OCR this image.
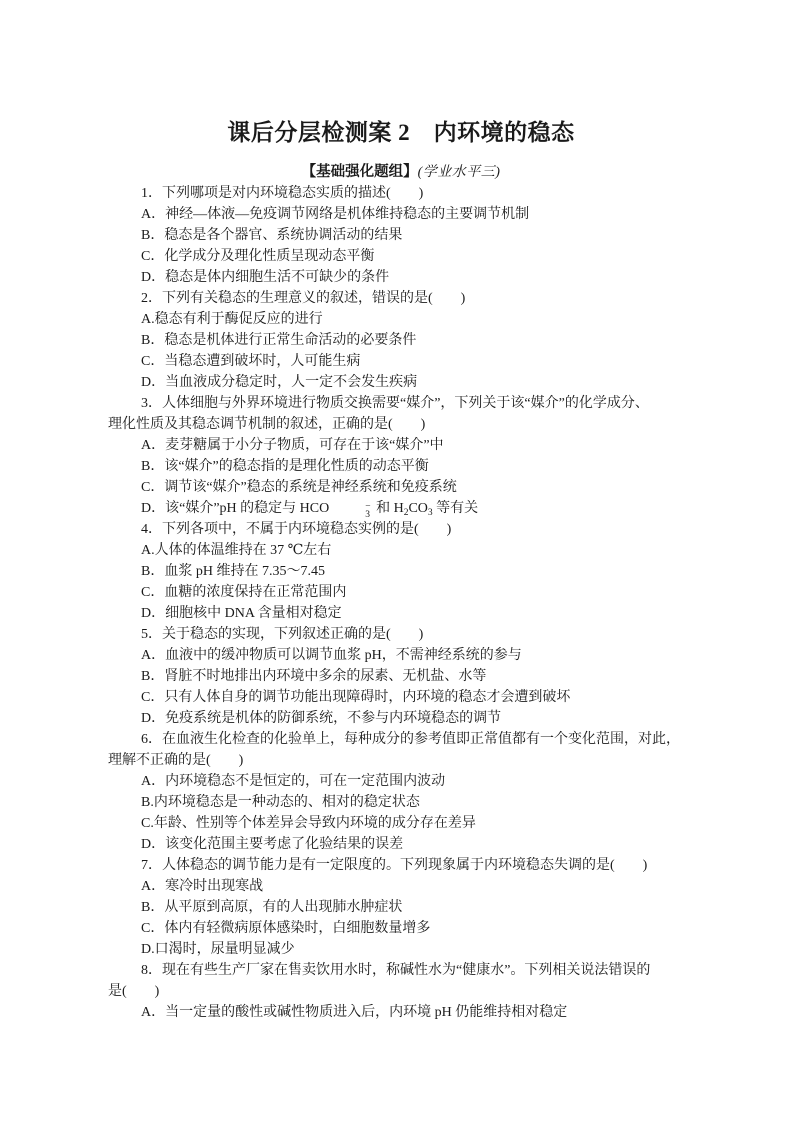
课后分层检测案 2　内环境的稳态

【基础强化题组】(学业水平三)

1．下列哪项是对内环境稳态实质的描述(　　)

A．神经—体液—免疫调节网络是机体维持稳态的主要调节机制

B．稳态是各个器官、系统协调活动的结果

C．化学成分及理化性质呈现动态平衡

D．稳态是体内细胞生活不可缺少的条件

2．下列有关稳态的生理意义的叙述，错误的是(　　)

A.稳态有利于酶促反应的进行

B．稳态是机体进行正常生命活动的必要条件

C．当稳态遭到破坏时，人可能生病

D．当血液成分稳定时，人一定不会发生疾病

3．人体细胞与外界环境进行物质交换需要“媒介”，下列关于该“媒介”的化学成分、

理化性质及其稳态调节机制的叙述，正确的是(　　)

A．麦芽糖属于小分子物质，可存在于该“媒介”中

B．该“媒介”的稳态指的是理化性质的动态平衡

C．调节该“媒介”稳态的系统是神经系统和免疫系统

D．该“媒介”pH 的稳定与 HCO	−
3 和 $H_2CO_3$ 等有关

4．下列各项中，不属于内环境稳态实例的是(　　)

A.人体的体温维持在 37 ℃左右

B．血浆 pH 维持在 7.35～7.45

C．血糖的浓度保持在正常范围内

D．细胞核中 DNA 含量相对稳定

5．关于稳态的实现，下列叙述正确的是(　　)

A．血液中的缓冲物质可以调节血浆 pH，不需神经系统的参与

B．肾脏不时地排出内环境中多余的尿素、无机盐、水等

C．只有人体自身的调节功能出现障碍时，内环境的稳态才会遭到破坏

D．免疫系统是机体的防御系统，不参与内环境稳态的调节

6．在血液生化检查的化验单上，每种成分的参考值即正常值都有一个变化范围，对此，

理解不正确的是(　　)

A．内环境稳态不是恒定的，可在一定范围内波动

B.内环境稳态是一种动态的、相对的稳定状态

C.年龄、性别等个体差异会导致内环境的成分存在差异

D．该变化范围主要考虑了化验结果的误差

7．人体稳态的调节能力是有一定限度的。下列现象属于内环境稳态失调的是(　　)

A．寒冷时出现寒战

B．从平原到高原，有的人出现肺水肿症状

C．体内有轻微病原体感染时，白细胞数量增多

D.口渴时，尿量明显减少

8．现在有些生产厂家在售卖饮用水时，称碱性水为“健康水”。下列相关说法错误的

是(　　)

A．当一定量的酸性或碱性物质进入后，内环境 pH 仍能维持相对稳定
